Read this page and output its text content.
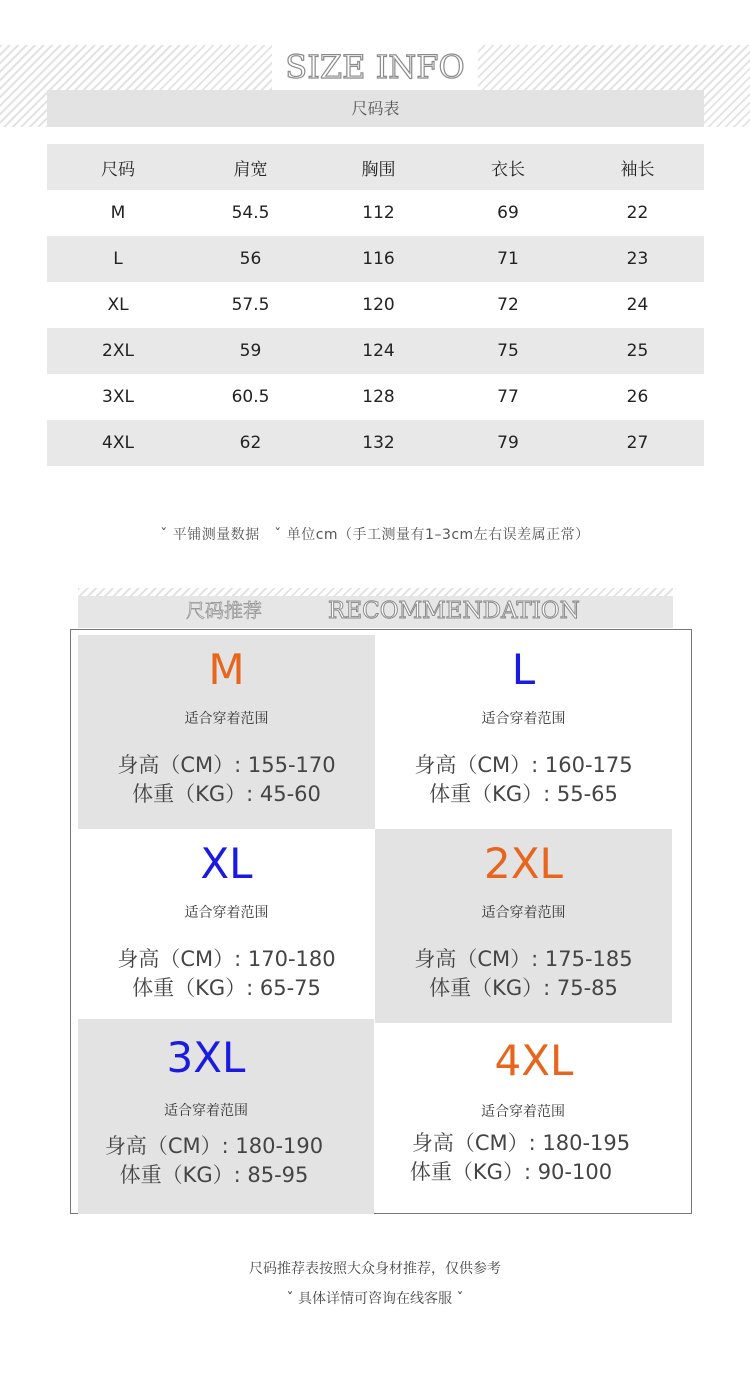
SIZE INFO
尺码表
尺码	肩宽	胸围	衣长	袖长
M	54.5	112	69	22
L	56	116	71	23
XL	57.5	120	72	24
2XL	59	124	75	25
3XL	60.5	128	77	26
4XL	62	132	79	27
ˇ 平铺测量数据　ˇ 单位cm（手工测量有1–3cm左右误差属正常）
尺码推荐	RECOMMENDATION
M
适合穿着范围
身高（CM）: 155-170
体重（KG）: 45-60
L
适合穿着范围
身高（CM）: 160-175
体重（KG）: 55-65
XL
适合穿着范围
身高（CM）: 170-180
体重（KG）: 65-75
2XL
适合穿着范围
身高（CM）: 175-185
体重（KG）: 75-85
3XL
适合穿着范围
身高（CM）: 180-190
体重（KG）: 85-95
4XL
适合穿着范围
身高（CM）: 180-195
体重（KG）: 90-100
尺码推荐表按照大众身材推荐，仅供参考
ˇ 具体详情可咨询在线客服 ˇ
